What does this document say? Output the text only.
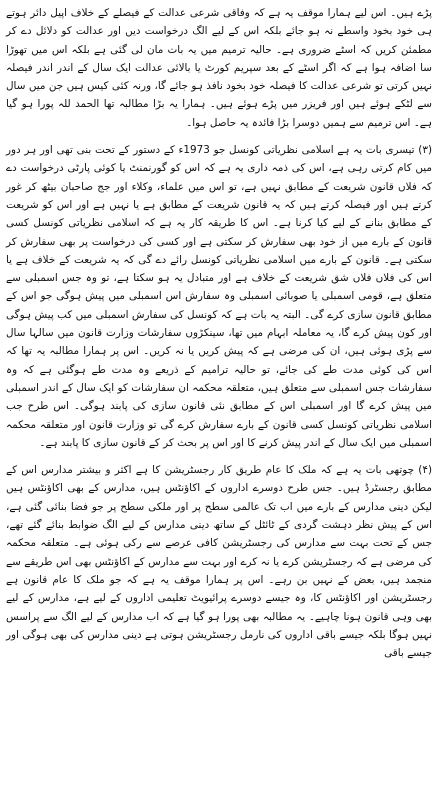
پڑے ہیں۔ اس لیے ہمارا موقف یہ ہے کہ وفاقی شرعی عدالت کے فیصلے کے خلاف اپیل دائر ہوتے ہی خود بخود واسطے نہ ہو جائے بلکہ اس کے لیے الگ درخواست دیں اور عدالت کو دلائل دے کر مطمئن کریں کہ اسٹے ضروری ہے۔ حالیہ ترمیم میں یہ بات مان لی گئی ہے بلکہ اس میں تھوڑا سا اضافہ ہوا ہے کہ اگر اسٹے کے بعد سپریم کورٹ یا بالائی عدالت ایک سال کے اندر اندر فیصلہ نہیں کرتی تو شرعی عدالت کا فیصلہ خود بخود نافذ ہو جائے گا، ورنہ کئی کیس ہیں جن میں سال سے لٹکے ہوئے ہیں اور فریزر میں پڑے ہوئے ہیں۔ ہمارا یہ بڑا مطالبہ تھا الحمد للہ پورا ہو گیا ہے۔ اس ترمیم سے ہمیں دوسرا بڑا فائدہ یہ حاصل ہوا۔

(۳) تیسری بات یہ ہے اسلامی نظریاتی کونسل جو 1973ء کے دستور کے تحت بنی تھی اور ہر دور میں کام کرتی رہی ہے، اس کی ذمہ داری یہ ہے کہ اس کو گورنمنٹ یا کوئی پارٹی درخواست دے کہ فلاں قانون شریعت کے مطابق نہیں ہے، تو اس میں علماء، وکلاء اور جج صاحبان بیٹھ کر غور کرتے ہیں اور فیصلہ کرتے ہیں کہ یہ قانون شریعت کے مطابق ہے یا نہیں ہے اور اس کو شریعت کے مطابق بنانے کے لیے کیا کرنا ہے۔ اس کا طریقہ کار یہ ہے کہ اسلامی نظریاتی کونسل کسی قانون کے بارے میں از خود بھی سفارش کر سکتی ہے اور کسی کی درخواست پر بھی سفارش کر سکتی ہے۔ قانون کے بارے میں اسلامی نظریاتی کونسل رائے دے گی کہ یہ شریعت کے خلاف ہے یا اس کی فلاں فلاں شق شریعت کے خلاف ہے اور متبادل یہ ہو سکتا ہے، تو وہ جس اسمبلی سے متعلق ہے، قومی اسمبلی یا صوبائی اسمبلی وہ سفارش اس اسمبلی میں پیش ہوگی جو اس کے مطابق قانون سازی کرے گی۔ البتہ یہ بات ہے کہ کونسل کی سفارش اسمبلی میں کب پیش ہوگی اور کون پیش کرے گا، یہ معاملہ ابہام میں تھا، سینکڑوں سفارشات وزارت قانون میں سالہا سال سے پڑی ہوئی ہیں، ان کی مرضی ہے کہ پیش کریں یا نہ کریں۔ اس پر ہمارا مطالبہ یہ تھا کہ اس کی کوئی مدت طے کی جائے، تو حالیہ ترامیم کے ذریعے وہ مدت طے ہوگئی ہے کہ وہ سفارشات جس اسمبلی سے متعلق ہیں، متعلقہ محکمہ ان سفارشات کو ایک سال کے اندر اسمبلی میں پیش کرے گا اور اسمبلی اس کے مطابق نئی قانون سازی کی پابند ہوگی۔ اس طرح جب اسلامی نظریاتی کونسل کسی قانون کے بارے سفارش کرے گی تو وزارت قانون اور متعلقہ محکمہ اسمبلی میں ایک سال کے اندر پیش کرنے کا اور اس پر بحث کر کے قانون سازی کا پابند ہے۔

(۴) چوتھی بات یہ ہے کہ ملک کا عام طریق کار رجسٹریشن کا ہے اکثر و بیشتر مدارس اس کے مطابق رجسٹرڈ ہیں۔ جس طرح دوسرے اداروں کے اکاؤنٹس ہیں، مدارس کے بھی اکاؤنٹس ہیں لیکن دینی مدارس کے بارے میں اب تک عالمی سطح پر اور ملکی سطح پر جو فضا بنائی گئی ہے، اس کے پیش نظر دہشت گردی کے ٹائٹل کے ساتھ دینی مدارس کے لیے الگ ضوابط بنائے گئے تھے، جس کے تحت بہت سے مدارس کی رجسٹریشن کافی عرصے سے رکی ہوئی ہے۔ متعلقہ محکمہ کی مرضی ہے کہ رجسٹریشن کرے یا نہ کرے اور بہت سے مدارس کے اکاؤنٹس بھی اس طریقے سے منجمد ہیں، بعض کے نہیں بن رہے۔ اس پر ہمارا موقف یہ ہے کہ جو ملک کا عام قانون ہے رجسٹریشن اور اکاؤنٹس کا، وہ جیسے دوسرے پرائیویٹ تعلیمی اداروں کے لیے ہے، مدارس کے لیے بھی وہی قانون ہونا چاہیے۔ یہ مطالبہ بھی پورا ہو گیا ہے کہ اب مدارس کے لیے الگ سے پراسس نہیں ہوگا بلکہ جیسے باقی اداروں کی نارمل رجسٹریشن ہوتی ہے دینی مدارس کی بھی ہوگی اور جیسے باقی
